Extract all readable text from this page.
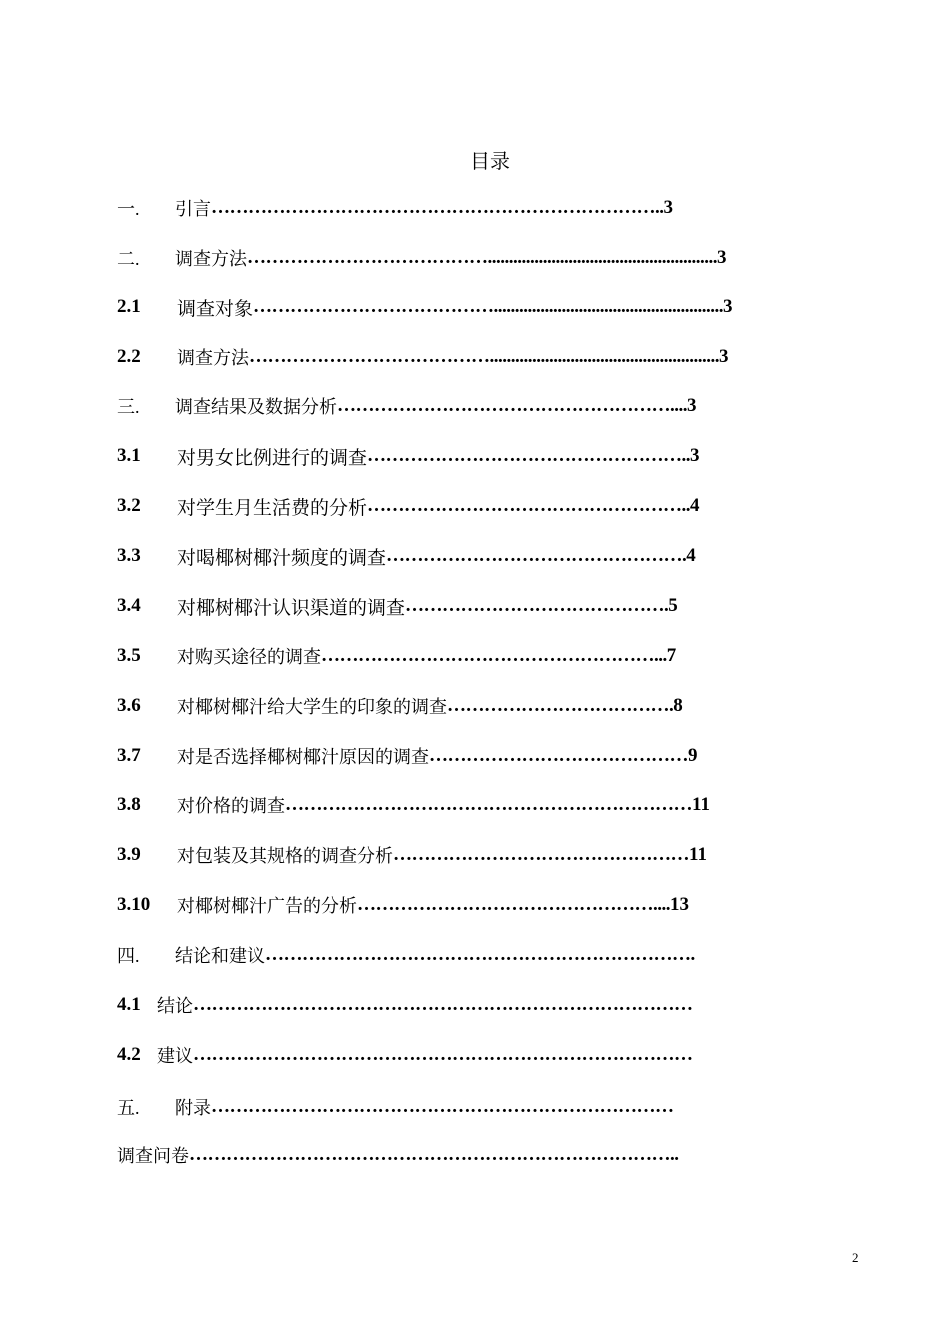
目录
一.	引言 ……………………………………………………………….. 3
二.	调查方法 …………………………………...................................................... 3
2.1	调查对象 …………………………………...................................................... 3
2.2	调查方法 …………………………………...................................................... 3
三.	调查结果及数据分析 ……………………………………………….... 3
3.1	对男女比例进行的调查 …………………………………………….. 3
3.2	对学生月生活费的分析 …………………………………………….. 4
3.3	对喝椰树椰汁频度的调查 …………………………………………. 4
3.4	对椰树椰汁认识渠道的调查 ……………………………………. 5
3.5	对购买途径的调查 ………………………………………………... 7
3.6	对椰树椰汁给大学生的印象的调查 ………………………………. 8
3.7	对是否选择椰树椰汁原因的调查 …………………………………… 9
3.8	对价格的调查 ………………………………………………………… 11
3.9	对包装及其规格的调查分析 ………………………………………… 11
3.10	对椰树椰汁广告的分析 ………………………………………….... 13
四.	结论和建议 …………………………………………………………….
4.1 结论 ………………………………………………………………………
4.2 建议 ………………………………………………………………………
五.	附录 …………………………………………………………………
调查问卷 ……………………………………………………………………..
2
